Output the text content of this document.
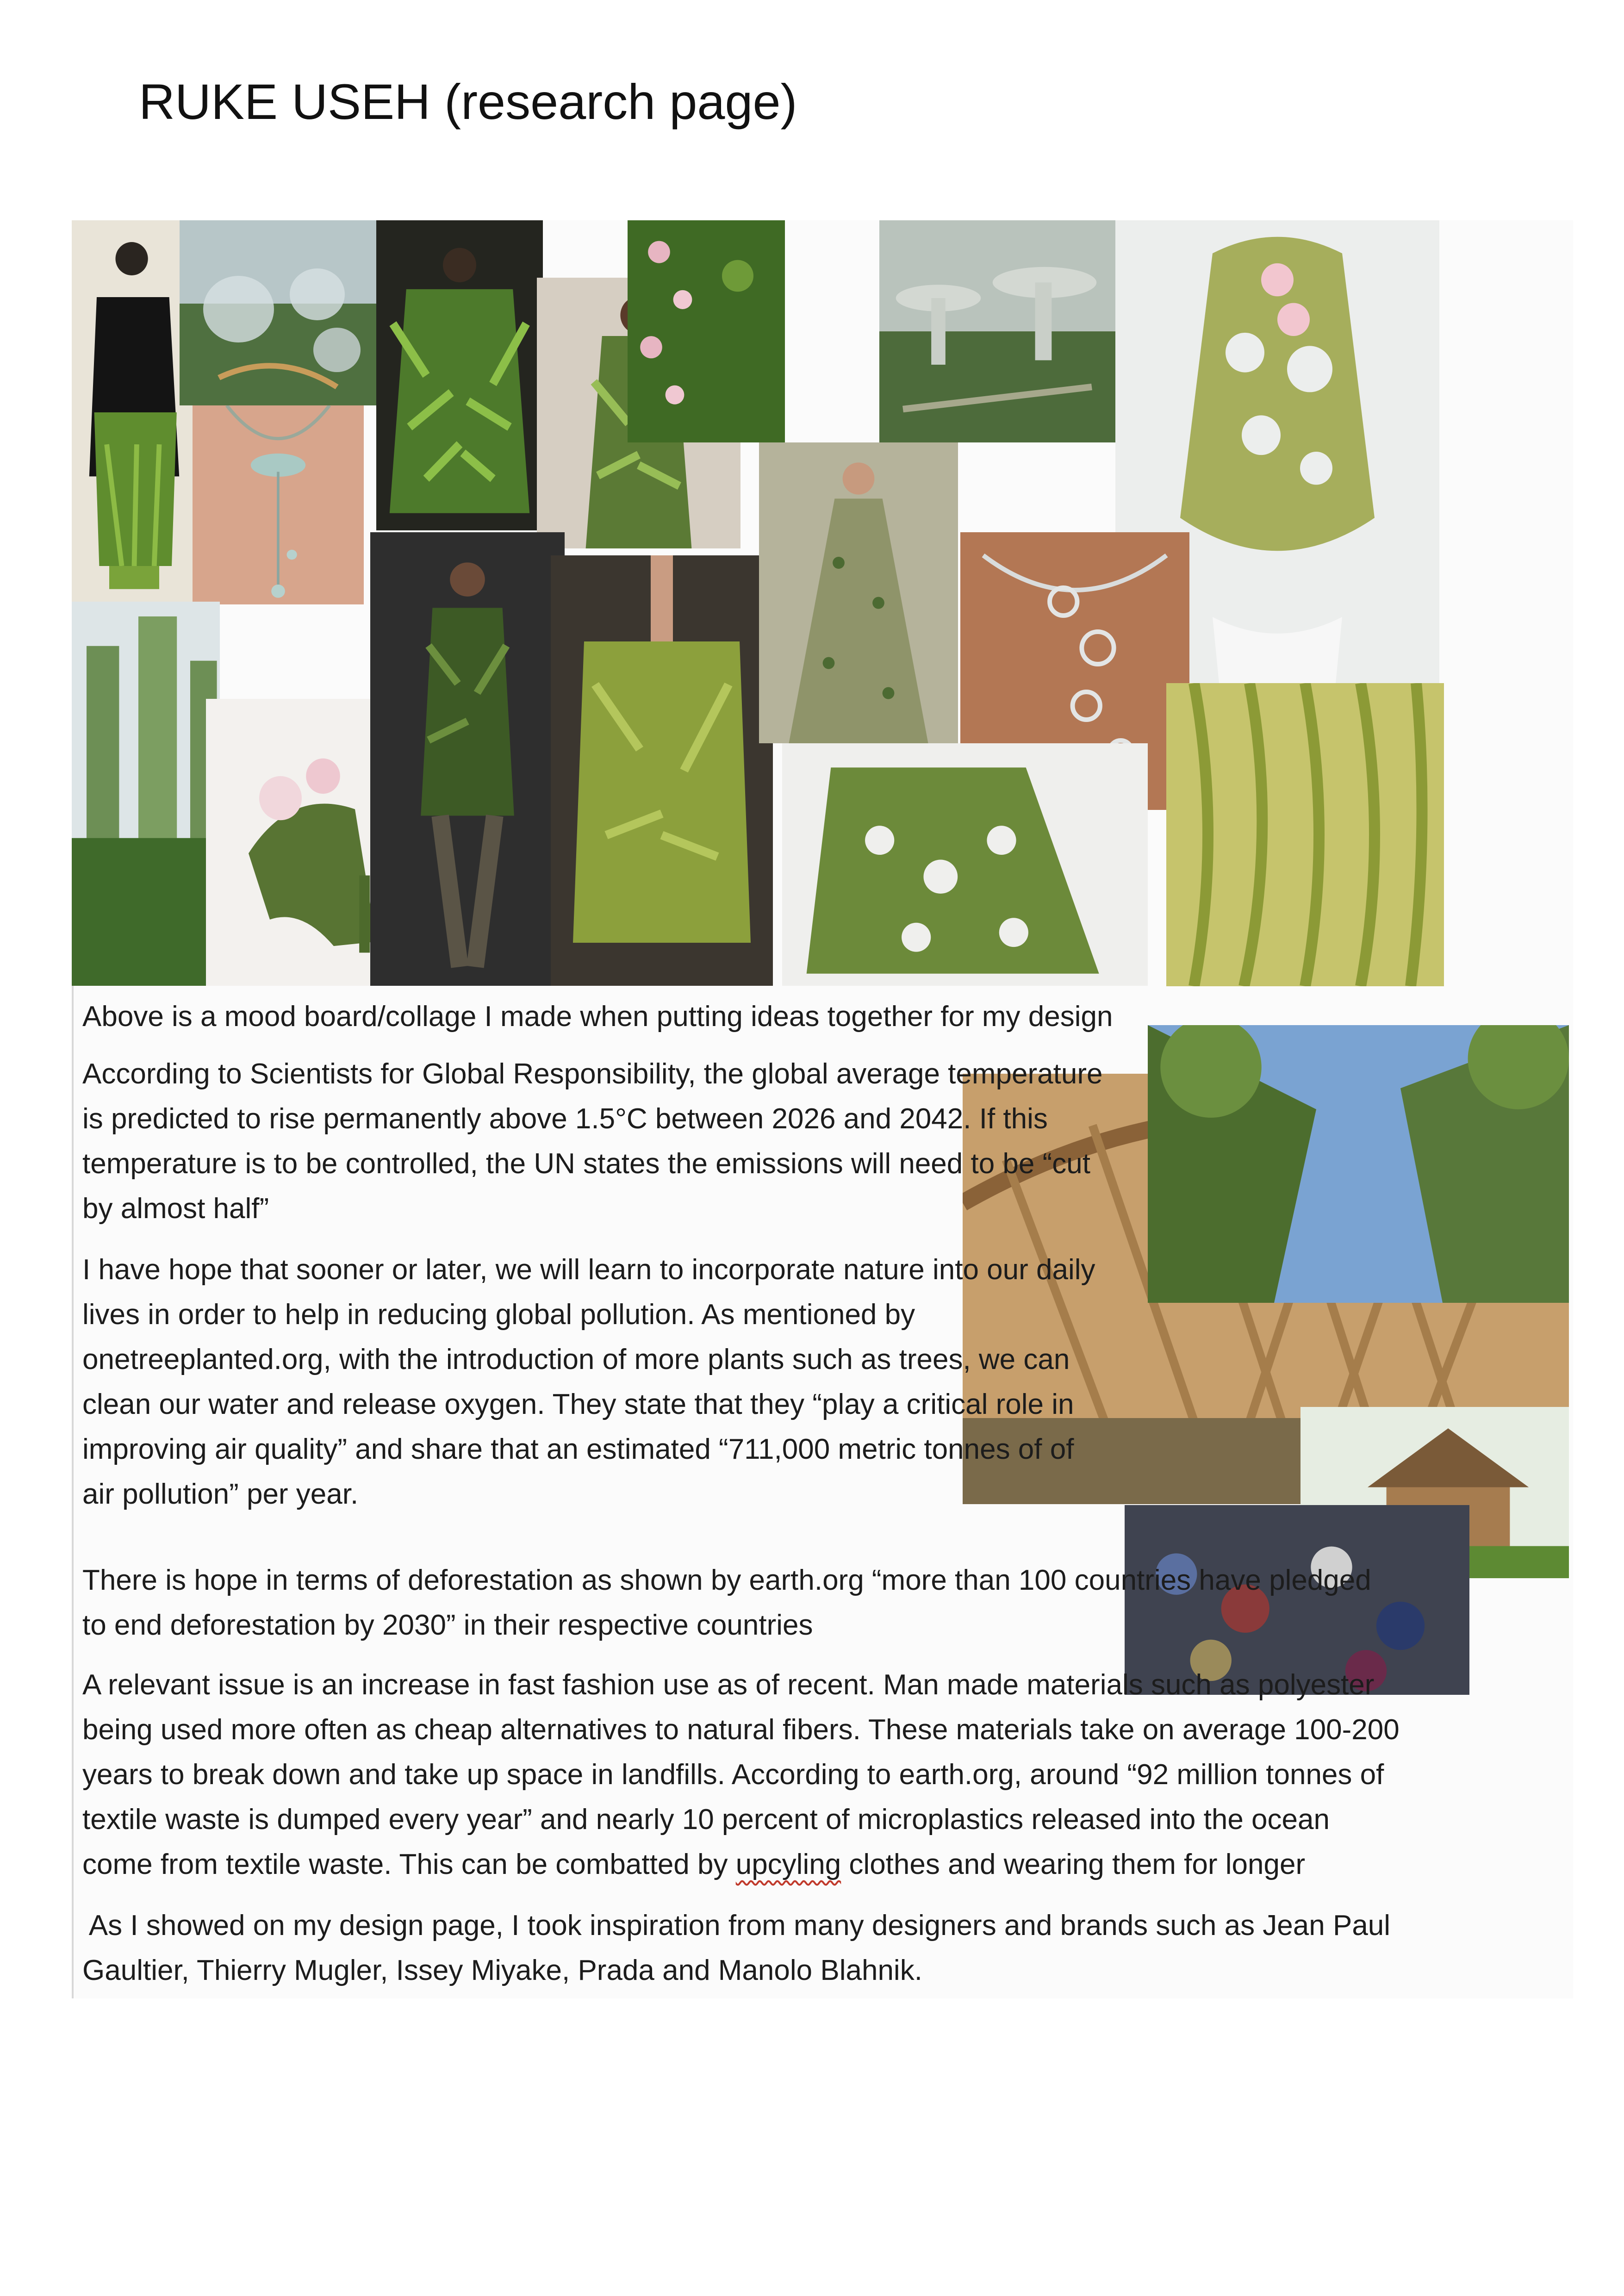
RUKE USEH (research page)

Above is a mood board/collage I made when putting ideas together for my design

According to Scientists for Global Responsibility, the global average temperature

is predicted to rise permanently above 1.5°C between 2026 and 2042. If this

temperature is to be controlled, the UN states the emissions will need to be “cut

by almost half”

I have hope that sooner or later, we will learn to incorporate nature into our daily

lives in order to help in reducing global pollution. As mentioned by

onetreeplanted.org, with the introduction of more plants such as trees, we can

clean our water and release oxygen. They state that they “play a critical role in

improving air quality” and share that an estimated “711,000 metric tonnes of of

air pollution” per year.

There is hope in terms of deforestation as shown by earth.org “more than 100 countries have pledged

to end deforestation by 2030” in their respective countries

A relevant issue is an increase in fast fashion use as of recent. Man made materials such as polyester

being used more often as cheap alternatives to natural fibers. These materials take on average 100-200

years to break down and take up space in landfills. According to earth.org, around “92 million tonnes of

textile waste is dumped every year” and nearly 10 percent of microplastics released into the ocean

come from textile waste. This can be combatted by upcyling clothes and wearing them for longer

As I showed on my design page, I took inspiration from many designers and brands such as Jean Paul

Gaultier, Thierry Mugler, Issey Miyake, Prada and Manolo Blahnik.
